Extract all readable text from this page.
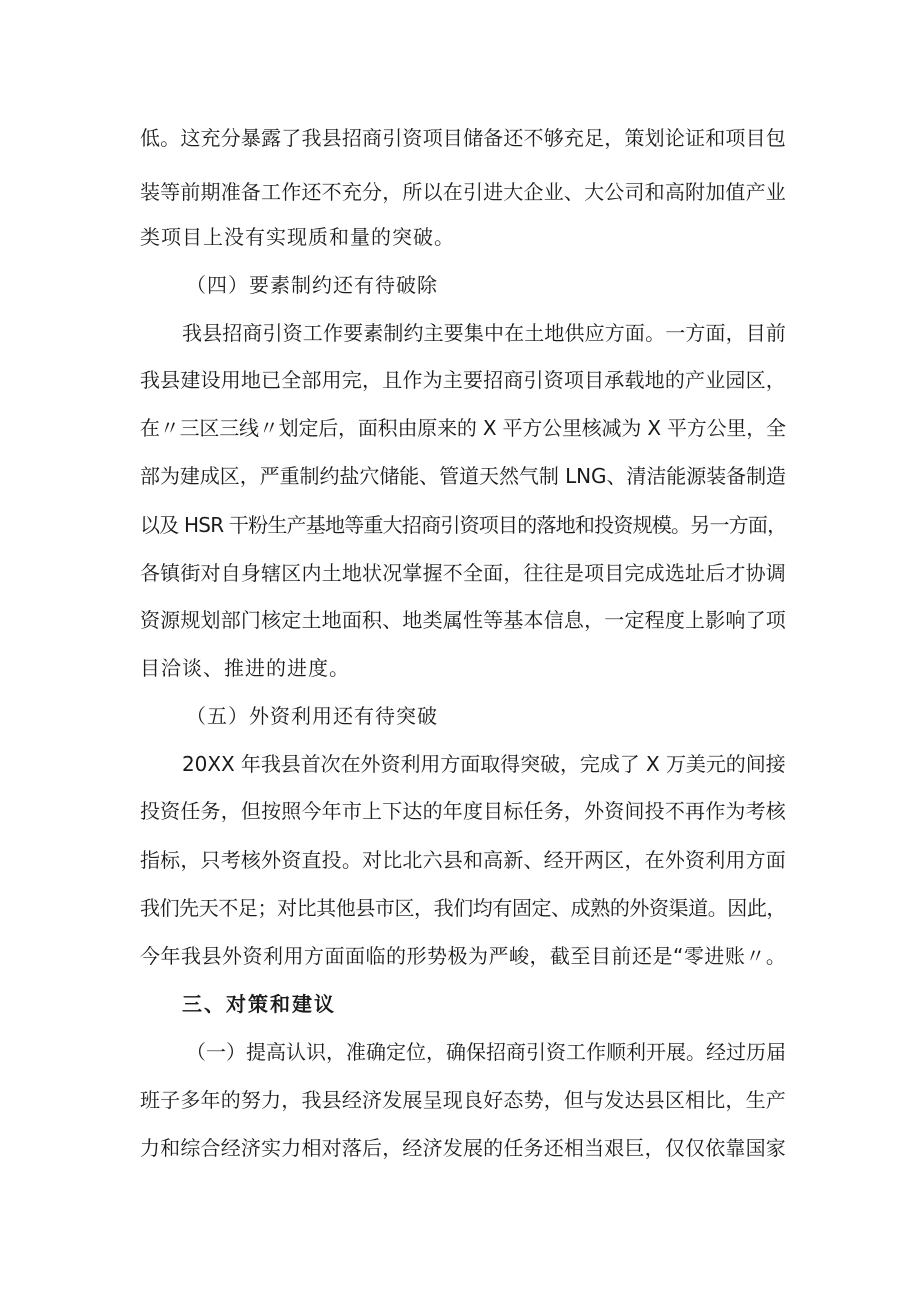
低。这充分暴露了我县招商引资项目储备还不够充足，策划论证和项目包
装等前期准备工作还不充分，所以在引进大企业、大公司和高附加值产业
类项目上没有实现质和量的突破。
（四）要素制约还有待破除
我县招商引资工作要素制约主要集中在土地供应方面。一方面，目前
我县建设用地已全部用完，且作为主要招商引资项目承载地的产业园区，
在〃三区三线〃划定后，面积由原来的 X 平方公里核减为 X 平方公里，全
部为建成区，严重制约盐穴储能、管道天然气制 LNG、清洁能源装备制造
以及 HSR 干粉生产基地等重大招商引资项目的落地和投资规模。另一方面，
各镇街对自身辖区内土地状况掌握不全面，往往是项目完成选址后才协调
资源规划部门核定土地面积、地类属性等基本信息，一定程度上影响了项
目洽谈、推进的进度。
（五）外资利用还有待突破
20XX 年我县首次在外资利用方面取得突破，完成了 X 万美元的间接
投资任务，但按照今年市上下达的年度目标任务，外资间投不再作为考核
指标，只考核外资直投。对比北六县和高新、经开两区，在外资利用方面
我们先天不足；对比其他县市区，我们均有固定、成熟的外资渠道。因此，
今年我县外资利用方面面临的形势极为严峻，截至目前还是“零进账〃。
三、对策和建议
（一）提高认识，准确定位，确保招商引资工作顺利开展。经过历届
班子多年的努力，我县经济发展呈现良好态势，但与发达县区相比，生产
力和综合经济实力相对落后，经济发展的任务还相当艰巨，仅仅依靠国家
